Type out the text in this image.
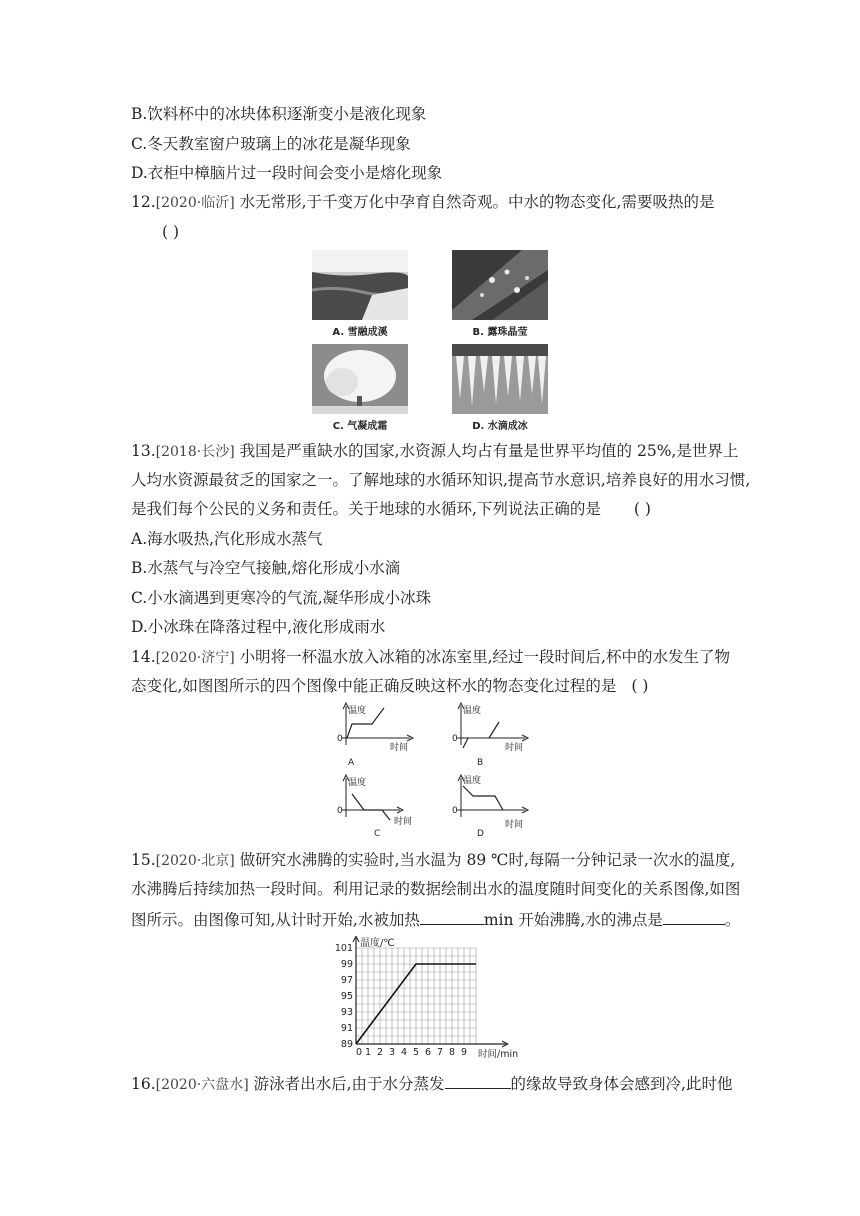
B.饮料杯中的冰块体积逐渐变小是液化现象
C.冬天教室窗户玻璃上的冰花是凝华现象
D.衣柜中樟脑片过一段时间会变小是熔化现象
12.[2020·临沂] 水无常形,于千变万化中孕育自然奇观。中水的物态变化,需要吸热的是
( )
A. 雪融成溪	B. 露珠晶莹
C. 气凝成霜	D. 水滴成冰
13.[2018·长沙] 我国是严重缺水的国家,水资源人均占有量是世界平均值的 25%,是世界上
人均水资源最贫乏的国家之一。了解地球的水循环知识,提高节水意识,培养良好的用水习惯,
是我们每个公民的义务和责任。关于地球的水循环,下列说法正确的是 ( )
A.海水吸热,汽化形成水蒸气
B.水蒸气与冷空气接触,熔化形成小水滴
C.小水滴遇到更寒冷的气流,凝华形成小冰珠
D.小冰珠在降落过程中,液化形成雨水
14.[2020·济宁] 小明将一杯温水放入冰箱的冰冻室里,经过一段时间后,杯中的水发生了物
态变化,如图图所示的四个图像中能正确反映这杯水的物态变化过程的是 ( )
温度
时间
0
A
温度
时间
0
B
温度
时间
0
C
温度
时间
0
D
15.[2020·北京] 做研究水沸腾的实验时,当水温为 89 ℃时,每隔一分钟记录一次水的温度,
水沸腾后持续加热一段时间。利用记录的数据绘制出水的温度随时间变化的关系图像,如图
图所示。由图像可知,从计时开始,水被加热	min 开始沸腾,水的沸点是	。
89
91
93
95
97
99
101
0 1 2 3 4 5 6 7 8 9
温度/℃
时间/min
16.[2020·六盘水] 游泳者出水后,由于水分蒸发	的缘故导致身体会感到冷,此时他
